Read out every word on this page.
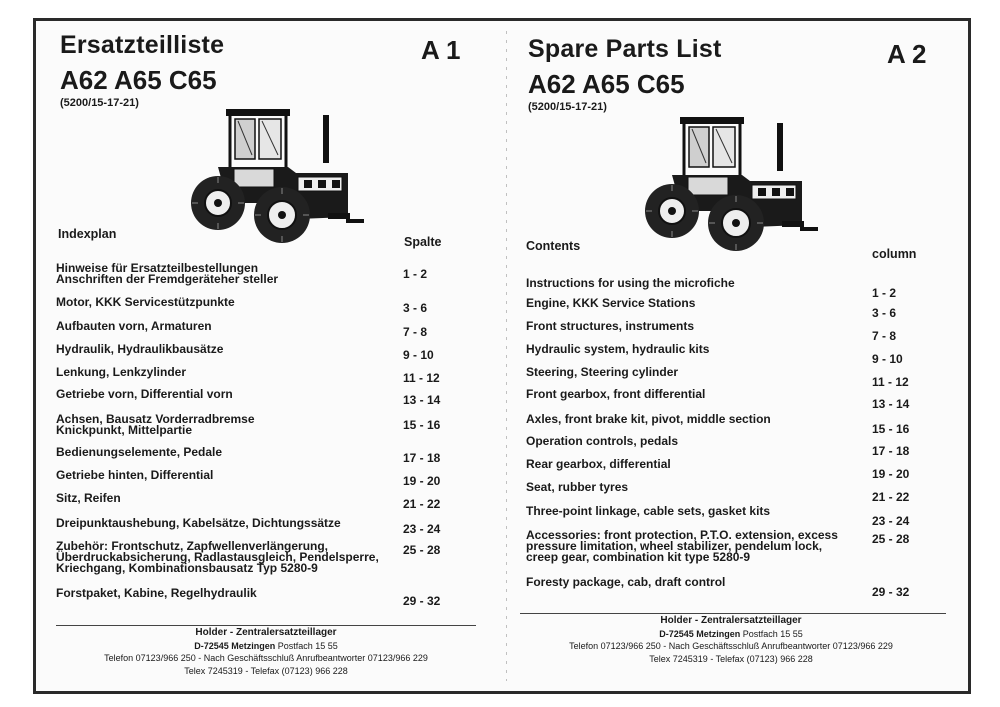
Ersatzteilliste	A 1
A62 A65 C65
(5200/15-17-21)
Indexplan
Spalte
Hinweise für Ersatzteilbestellungen
Anschriften der Fremdgeräteher steller	1 - 2
Motor, KKK Servicestützpunkte	3 - 6
Aufbauten vorn, Armaturen	7 - 8
Hydraulik, Hydraulikbausätze	9 - 10
Lenkung, Lenkzylinder	11 - 12
Getriebe vorn, Differential vorn	13 - 14
Achsen, Bausatz Vorderradbremse
Knickpunkt, Mittelpartie	15 - 16
Bedienungselemente, Pedale	17 - 18
Getriebe hinten, Differential	19 - 20
Sitz, Reifen	21 - 22
Dreipunktaushebung, Kabelsätze, Dichtungssätze	23 - 24
Zubehör: Frontschutz, Zapfwellenverlängerung,
Überdruckabsicherung, Radlastausgleich, Pendelsperre,
Kriechgang, Kombinationsbausatz Typ 5280-9
25 - 28
Forstpaket, Kabine, Regelhydraulik
29 - 32
Holder - Zentralersatzteillager
D-72545 Metzingen Postfach 15 55
Telefon 07123/966 250 - Nach Geschäftsschluß Anrufbeantworter 07123/966 229
Telex 7245319 - Telefax (07123) 966 228
Spare Parts List	A 2
A62 A65 C65
(5200/15-17-21)
Contents
column
Instructions for using the microfiche
1 - 2
Engine, KKK Service Stations
3 - 6
Front structures, instruments
7 - 8
Hydraulic system, hydraulic kits
9 - 10
Steering, Steering cylinder
11 - 12
Front gearbox, front differential
13 - 14
Axles, front brake kit, pivot, middle section
15 - 16
Operation controls, pedals
17 - 18
Rear gearbox, differential
19 - 20
Seat, rubber tyres
21 - 22
Three-point linkage, cable sets, gasket kits
23 - 24
Accessories: front protection, P.T.O. extension, excess
pressure limitation, wheel stabilizer, pendelum lock,
creep gear, combination kit type 5280-9
25 - 28
Foresty package, cab, draft control
29 - 32
Holder - Zentralersatzteillager
D-72545 Metzingen Postfach 15 55
Telefon 07123/966 250 - Nach Geschäftsschluß Anrufbeantworter 07123/966 229
Telex 7245319 - Telefax (07123) 966 228
